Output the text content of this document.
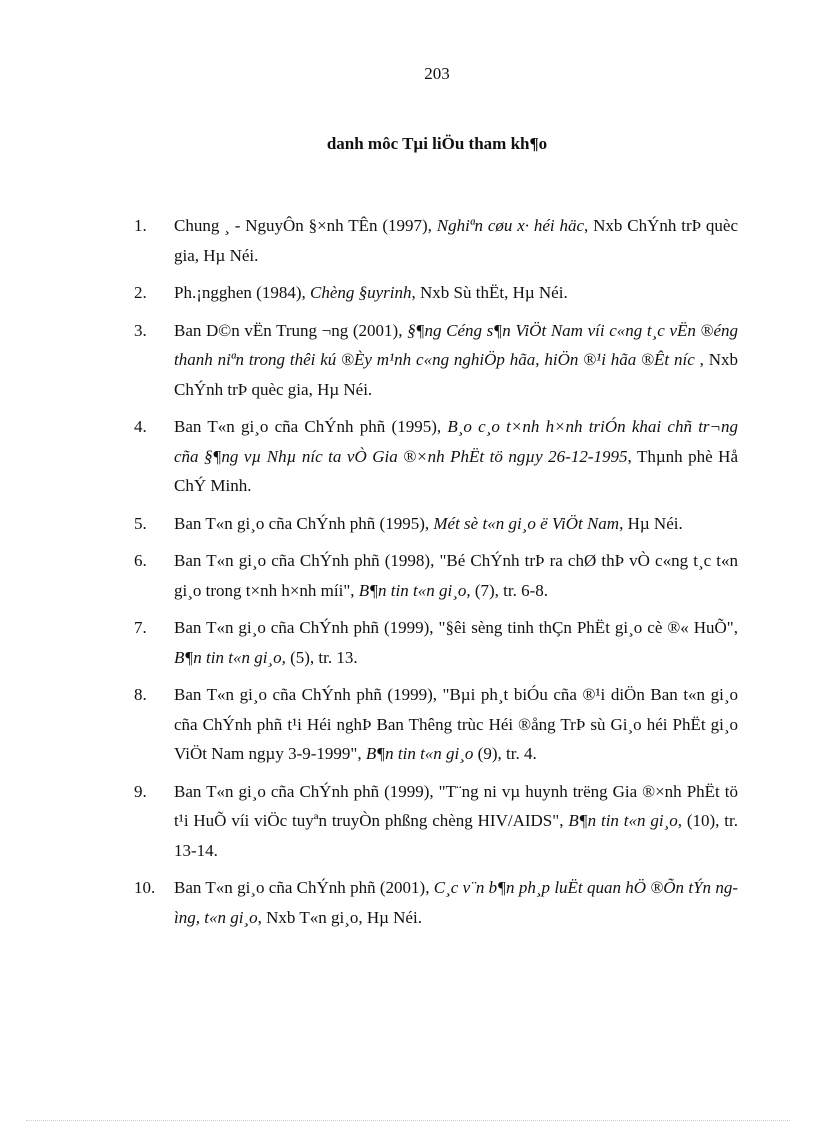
203
danh môc Tµi liÖu tham kh¶o
1. Chung ¸ - NguyÔn §×nh TÊn (1997), Nghiªn cøu x· héi häc, Nxb ChÝnh trÞ quèc gia, Hµ Néi.
2. Ph.¡ngghen (1984), Chèng §uyrinh, Nxb Sù thËt, Hµ Néi.
3. Ban D©n vËn Trung ¬ng (2001), §¶ng Céng s¶n ViÖt Nam víi c«ng t¸c vËn ®éng thanh niªn trong thêi kú ®Èy m¹nh c«ng nghiÖp hãa, hiÖn ®¹i hãa ®Êt níc , Nxb ChÝnh trÞ quèc gia, Hµ Néi.
4. Ban T«n gi¸o cña ChÝnh phñ (1995), B¸o c¸o t×nh h×nh triÓn khai chñ tr¬ng cña §¶ng vµ Nhµ níc ta vÒ Gia ®×nh PhËt tö ngµy 26-12-1995, Thµnh phè Hå ChÝ Minh.
5. Ban T«n gi¸o cña ChÝnh phñ (1995), Mét sè t«n gi¸o ë ViÖt Nam, Hµ Néi.
6. Ban T«n gi¸o cña ChÝnh phñ (1998), "Bé ChÝnh trÞ ra chØ thÞ vÒ c«ng t¸c t«n gi¸o trong t×nh h×nh míi", B¶n tin t«n gi¸o, (7), tr. 6-8.
7. Ban T«n gi¸o cña ChÝnh phñ (1999), "§êi sèng tinh thÇn PhËt gi¸o cè ®« HuÕ", B¶n tin t«n gi¸o, (5), tr. 13.
8. Ban T«n gi¸o cña ChÝnh phñ (1999), "Bµi ph¸t biÓu cña ®¹i diÖn Ban t«n gi¸o cña ChÝnh phñ t¹i Héi nghÞ Ban Thêng trùc Héi ®ång TrÞ sù Gi¸o héi PhËt gi¸o ViÖt Nam ngµy 3-9-1999", B¶n tin t«n gi¸o (9), tr. 4.
9. Ban T«n gi¸o cña ChÝnh phñ (1999), "T¨ng ni vµ huynh trëng Gia ®×nh PhËt tö t¹i HuÕ víi viÖc tuyªn truyÒn phßng chèng HIV/AIDS", B¶n tin t«n gi¸o, (10), tr. 13-14.
10. Ban T«n gi¸o cña ChÝnh phñ (2001), C¸c v¨n b¶n ph¸p luËt quan hÖ ®Õn tÝn ngìng, t«n gi¸o, Nxb T«n gi¸o, Hµ Néi.
